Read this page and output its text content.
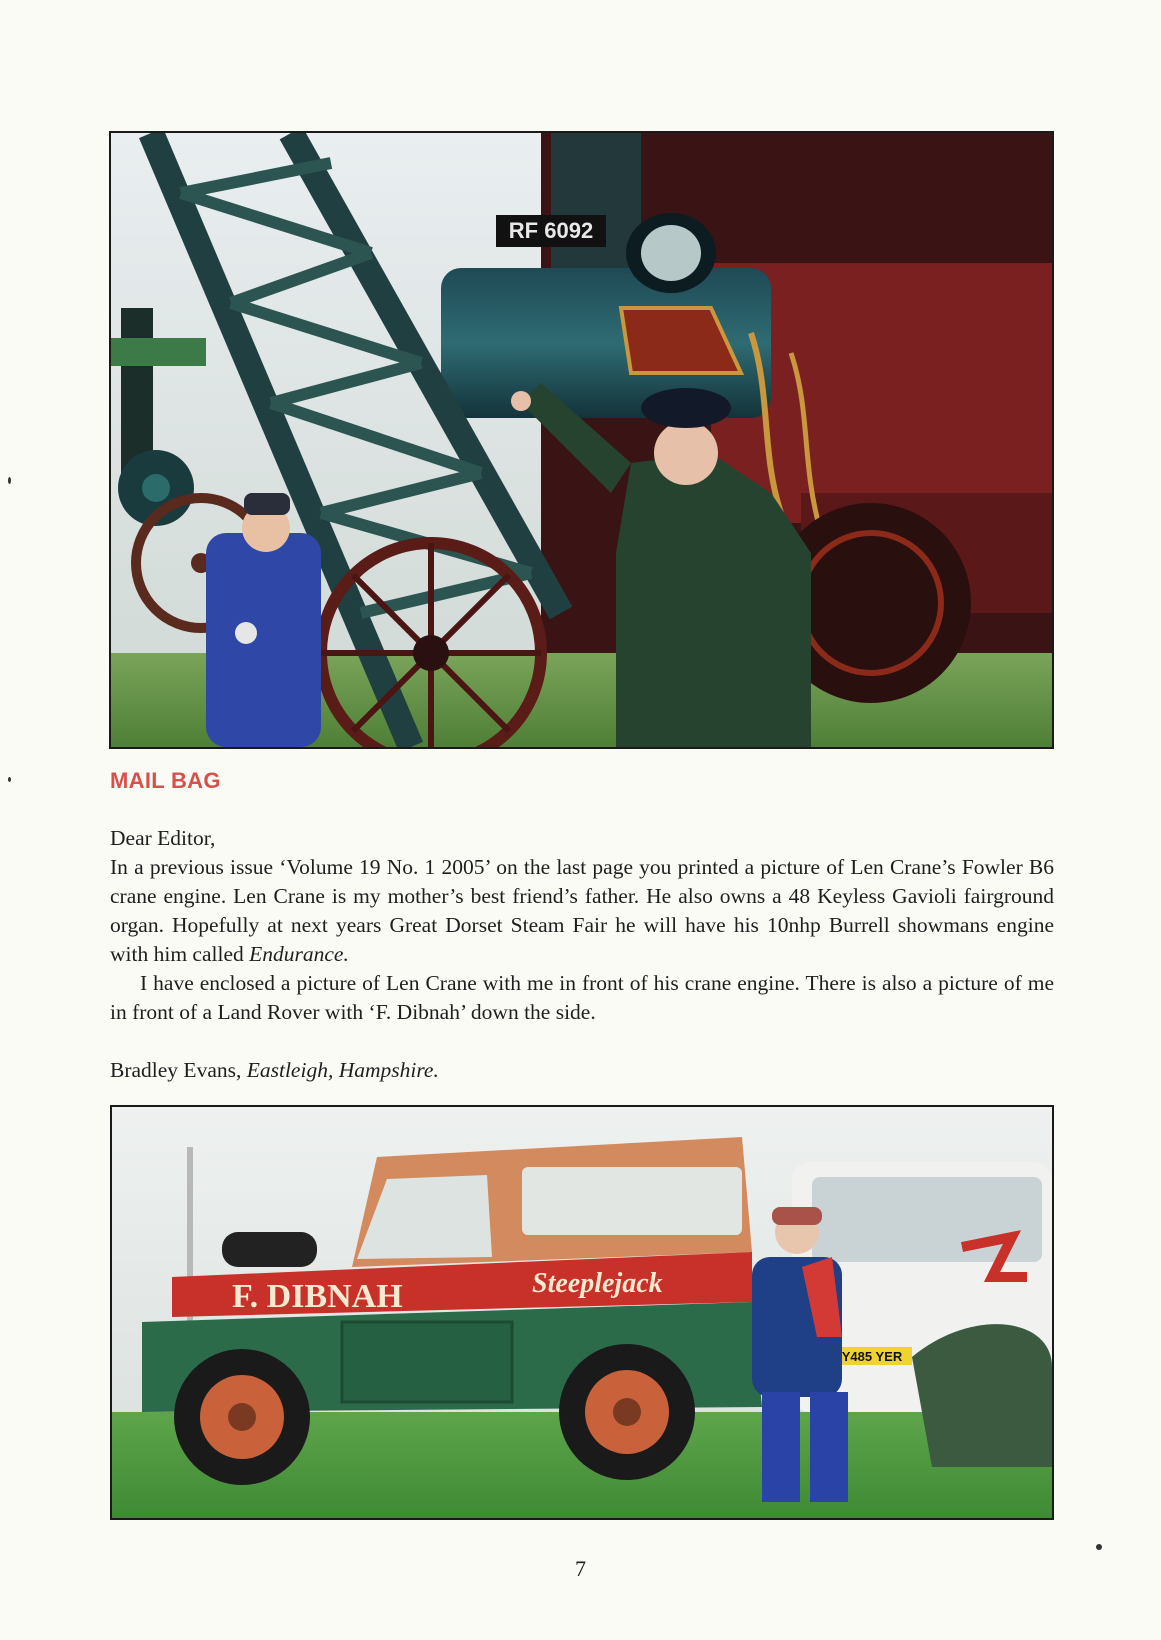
RF 6092
MAIL BAG

Dear Editor,

In a previous issue ‘Volume 19 No. 1 2005’ on the last page you printed a picture of Len Crane’s Fowler B6 crane engine. Len Crane is my mother’s best friend’s father. He also owns a 48 Keyless Gavioli fairground organ. Hopefully at next years Great Dorset Steam Fair he will have his 10nhp Burrell showmans engine with him called Endurance.

I have enclosed a picture of Len Crane with me in front of his crane engine. There is also a picture of me in front of a Land Rover with ‘F. Dibnah’ down the side.

Bradley Evans, Eastleigh, Hampshire.

Y485 YER
F. DIBNAH	Steeplejack
7
